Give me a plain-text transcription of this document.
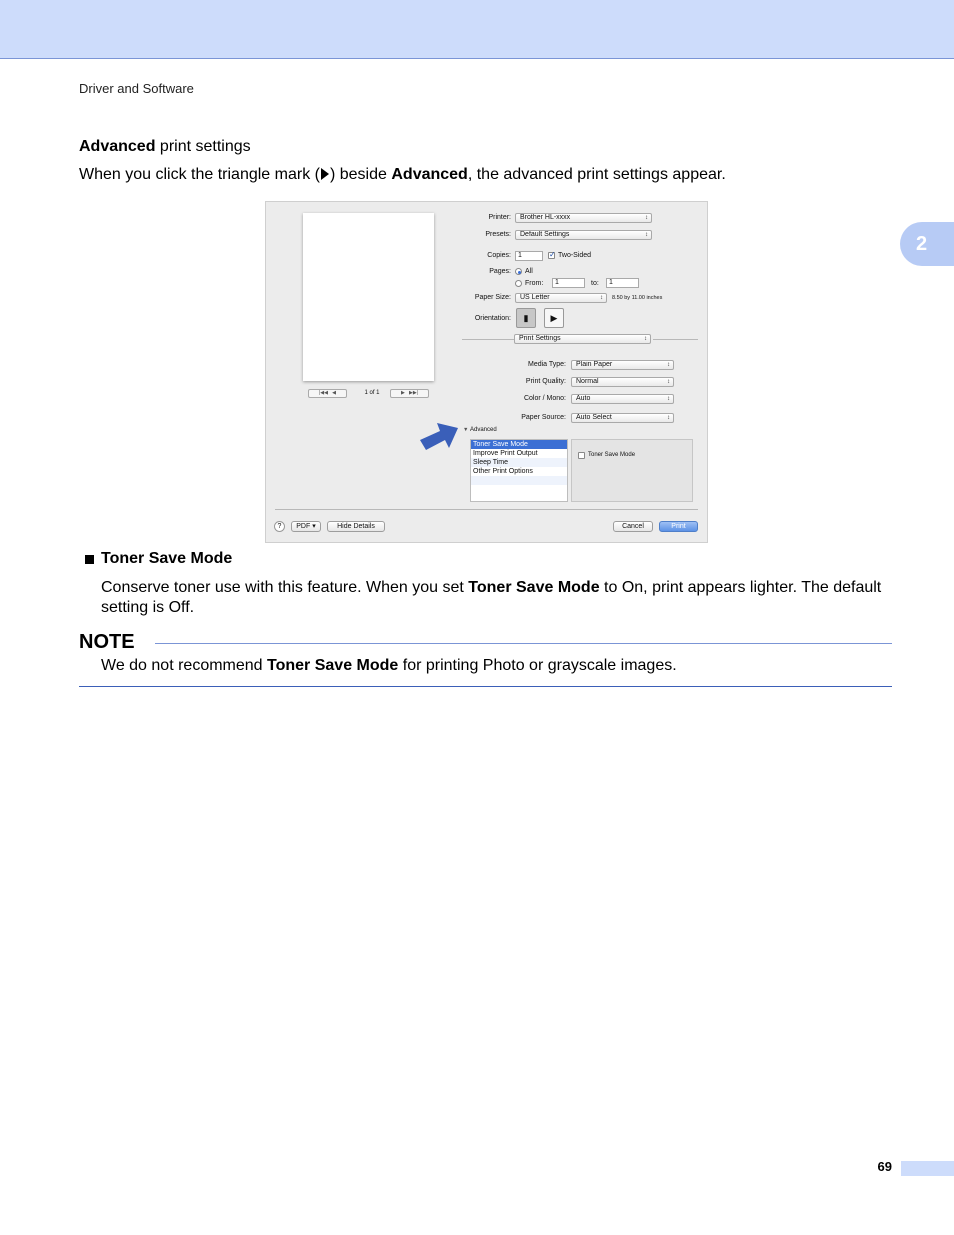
Driver and Software
2
Advanced print settings
When you click the triangle mark ( ) beside Advanced, the advanced print settings appear.
|◀◀   ◀	1 of 1	▶   ▶▶|
Printer:	Brother HL-xxxx ↕
Presets:	Default Settings ↕
Copies:	1	✓ Two-Sided
Pages: All
From:	1	to:	1
Paper Size:	US Letter ↕	8.50 by 11.00 inches
Orientation:	▮	▶
Print Settings ↕
Media Type:	Plain Paper ↕
Print Quality:	Normal ↕
Color / Mono:	Auto ↕
Paper Source:	Auto Select ↕
▼ Advanced
Toner Save Mode
Improve Print Output
Sleep Time
Other Print Options
Toner Save Mode
?	PDF ▾	Hide Details	Cancel	Print
Toner Save Mode
Conserve toner use with this feature. When you set Toner Save Mode to On, print appears lighter. The default setting is Off.
NOTE
We do not recommend Toner Save Mode for printing Photo or grayscale images.
69
